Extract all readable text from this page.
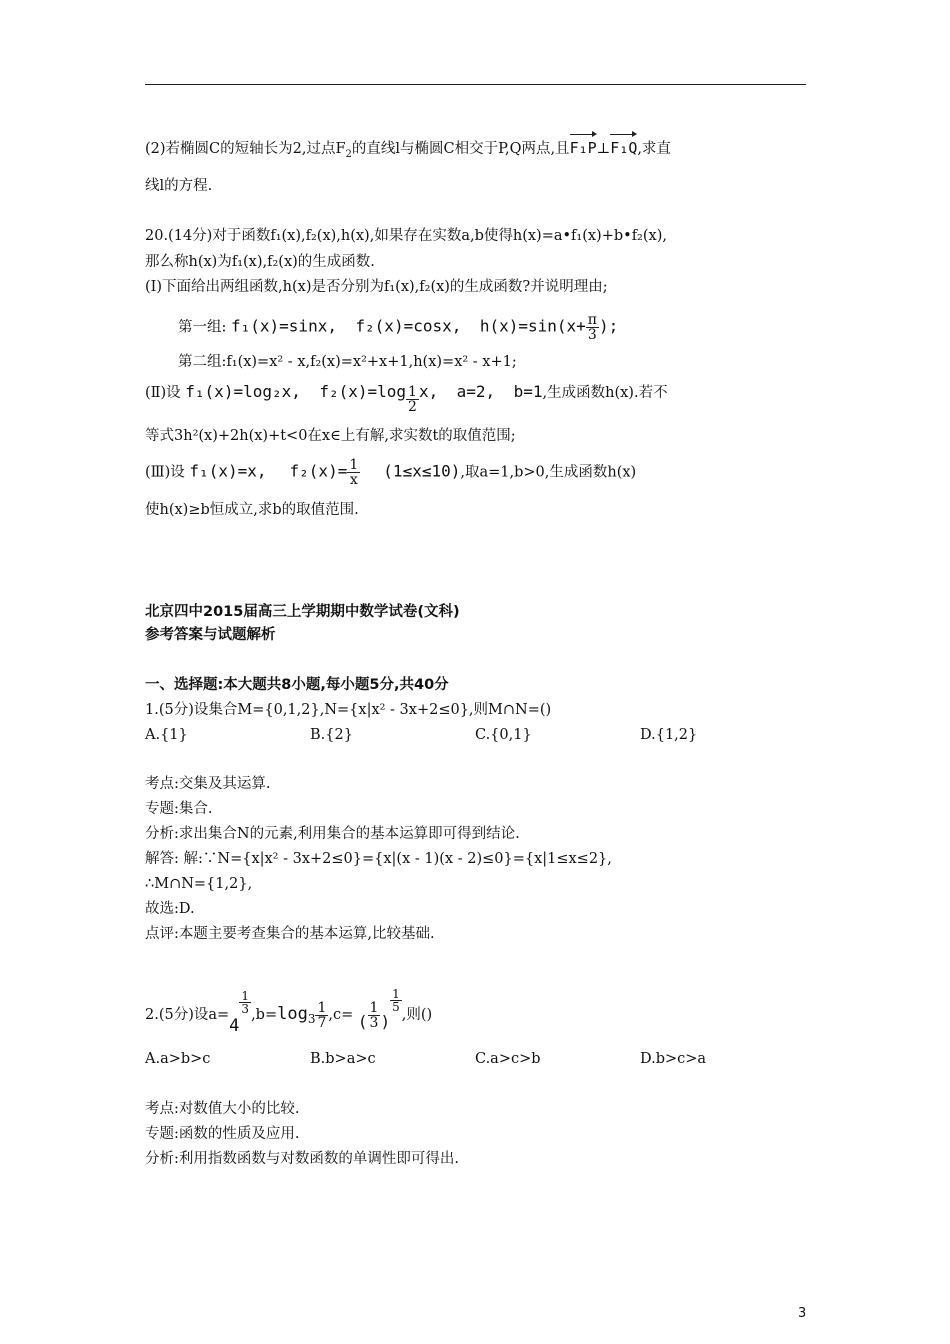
(2)若椭圆C的短轴长为2,过点$F_2$的直线l与椭圆C相交于P,Q两点,且F₁P⊥F₁Q,求直
线l的方程.
20.(14分)对于函数f₁(x),f₂(x),h(x),如果存在实数a,b使得h(x)=a•f₁(x)+b•f₂(x),
那么称h(x)为f₁(x),f₂(x)的生成函数.
(Ⅰ)下面给出两组函数,h(x)是否分别为f₁(x),f₂(x)的生成函数?并说明理由;
第一组: f₁(x)=sinx, f₂(x)=cosx, $h(x)=\sin(x+ \frac{\pi}{3}$ );
第二组:f₁(x)=x² - x,f₂(x)=x²+x+1,h(x)=x² - x+1;
(Ⅱ)设 f₁(x)=log₂x, $f_2(x)=\log \frac{1}{2} x$, a=2, b=1,生成函数h(x).若不
等式3h²(x)+2h(x)+t<0在x∈上有解,求实数t的取值范围;
(Ⅲ)设 f₁(x)=x, $f_2(x)= \frac{1}{x} (1\le x\le 10)$,取a=1,b>0,生成函数h(x)
使h(x)≥b恒成立,求b的取值范围.
北京四中2015届高三上学期期中数学试卷(文科)
参考答案与试题解析
一、选择题:本大题共8小题,每小题5分,共40分
1.(5分)设集合M={0,1,2},N={x|x² - 3x+2≤0},则M∩N=()
A.{1}	B.{2}	C.{0,1}	D.{1,2}
考点:交集及其运算.
专题:集合.
分析:求出集合N的元素,利用集合的基本运算即可得到结论.
解答: 解:∵N={x|x² - 3x+2≤0}={x|(x - 1)(x - 2)≤0}={x|1≤x≤2},
∴M∩N={1,2},
故选:D.
点评:本题主要考查集合的基本运算,比较基础.
2.(5分)设a=4
$\frac{1}{3} ,b=\log_3 \frac{1}{7} ,c=$ ( $\frac{1}{3}$ )
$\frac{1}{5}$
,则()
A.a>b>c	B.b>a>c	C.a>c>b	D.b>c>a
考点:对数值大小的比较.
专题:函数的性质及应用.
分析:利用指数函数与对数函数的单调性即可得出.
3
